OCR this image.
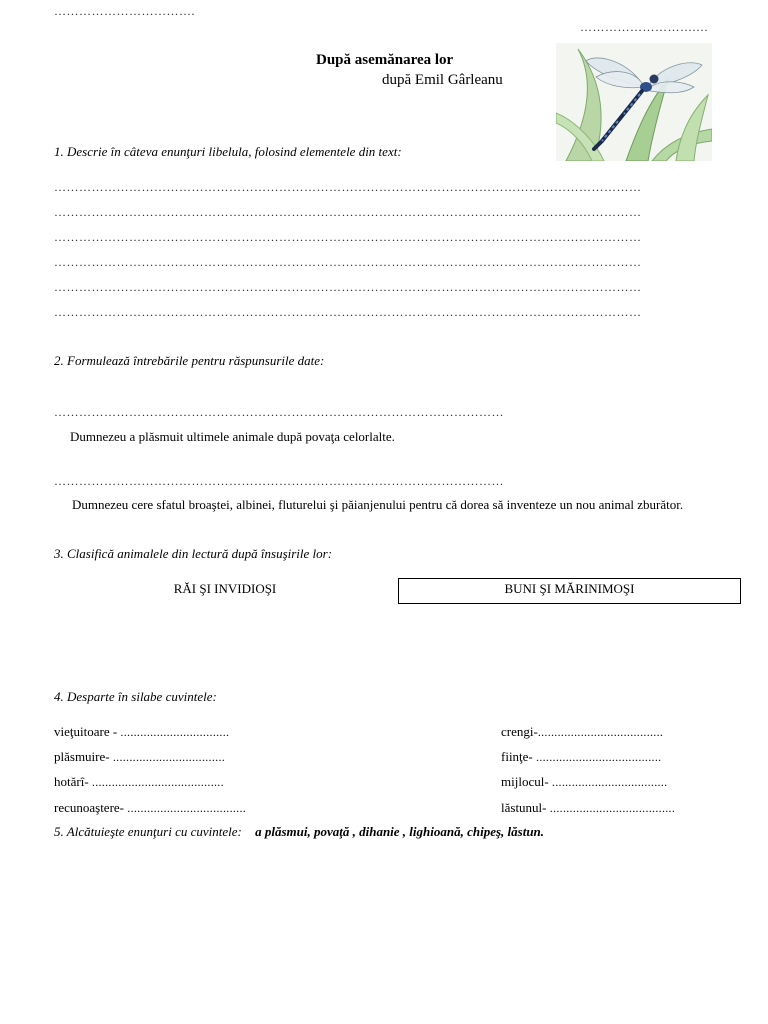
…………………………….
……………………….…
După asemănarea lor
după Emil Gârleanu
1. Descrie în câteva enunţuri libelula, folosind elementele din text:
……………………………………………………………………………………………………………………………
……………………………………………………………………………………………………………………………
……………………………………………………………………………………………………………………………
……………………………………………………………………………………………………………………………
……………………………………………………………………………………………………………………………
……………………………………………………………………………………………………………………………
2. Formulează întrebările pentru răspunsurile date:
………………………………………………………………………………………………
Dumnezeu a plăsmuit ultimele animale după povaţa celorlalte.
………………………………………………………………………………………………
Dumnezeu cere sfatul broaştei, albinei, fluturelui şi păianjenului pentru că dorea să inventeze un nou animal zburător.
3. Clasifică animalele din lectură după însuşirile lor:
RĂI ŞI INVIDIOŞI	BUNI ŞI MĂRINIMOŞI
4. Desparte în silabe cuvintele:
vieţuitoare - .................................
plăsmuire- ..................................
hotărî- ........................................
recunoaştere- ....................................
crengi-......................................
fiinţe- ......................................
mijlocul- ...................................
lăstunul- ......................................
5. Alcătuieşte enunţuri cu cuvintele: a plăsmui, povaţă , dihanie , lighioană, chipeş, lăstun.
